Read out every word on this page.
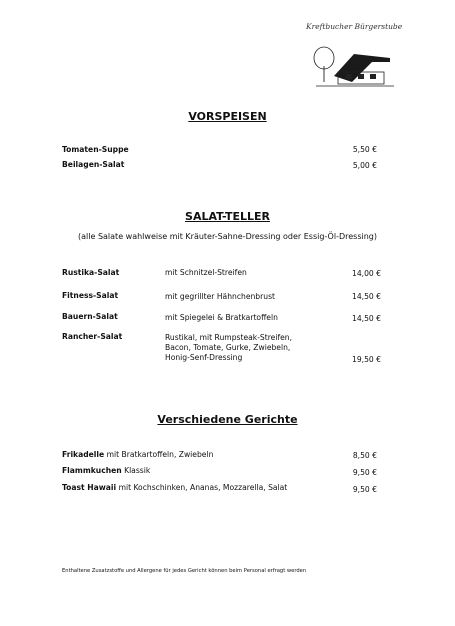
Kreftbucher Bürgerstube
VORSPEISEN
Tomaten-Suppe	5,50 €
Beilagen-Salat	5,00 €
SALAT-TELLER
(alle Salate wahlweise mit Kräuter-Sahne-Dressing oder Essig-Öl-Dressing)
Rustika-Salat	mit Schnitzel-Streifen	14,00 €
Fitness-Salat	mit gegrillter Hähnchenbrust	14,50 €
Bauern-Salat	mit Spiegelei & Bratkartoffeln	14,50 €
Rancher-Salat	Rustikal, mit Rumpsteak-Streifen,
Bacon, Tomate, Gurke, Zwiebeln,
Honig-Senf-Dressing	19,50 €
Verschiedene Gerichte
Frikadelle mit Bratkartoffeln, Zwiebeln	8,50 €
Flammkuchen Klassik	9,50 €
Toast Hawaii mit Kochschinken, Ananas, Mozzarella, Salat	9,50 €
Enthaltene Zusatzstoffe und Allergene für jedes Gericht können beim Personal erfragt werden
